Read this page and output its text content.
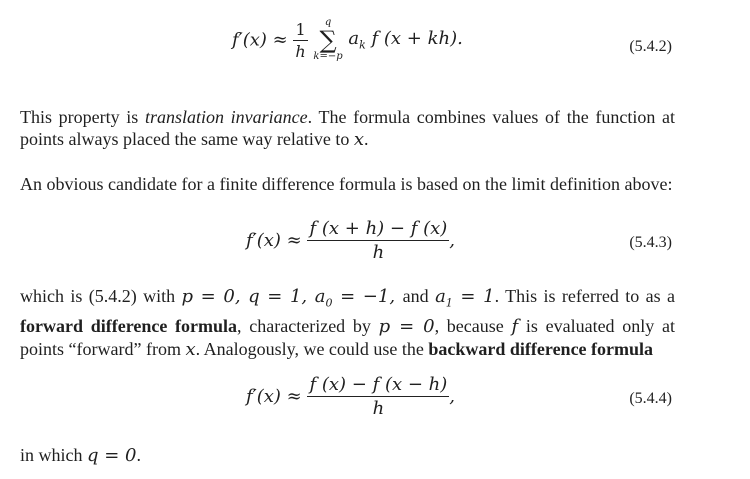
$f'(x) \approx \frac{1}{h}$
	q
∑
k=−p
$a_k$ f (x + kh).	(5.4.2)

This property is translation invariance. The formula combines values of the function at points always placed the same way relative to x.

An obvious candidate for a finite difference formula is based on the limit definition above:

$f'(x) \approx \frac{f (x + h) - f (x)}{h}$ ,	(5.4.3)

which is (5.4.2) with p = 0, q = 1, $a_0 = -1$, and $a_1 = 1$. This is referred to as a forward difference formula, characterized by p = 0, because f is evaluated only at points “forward” from x. Analogously, we could use the backward difference formula

$f'(x) \approx \frac{f (x) - f (x - h)}{h}$ ,	(5.4.4)

in which q = 0.
